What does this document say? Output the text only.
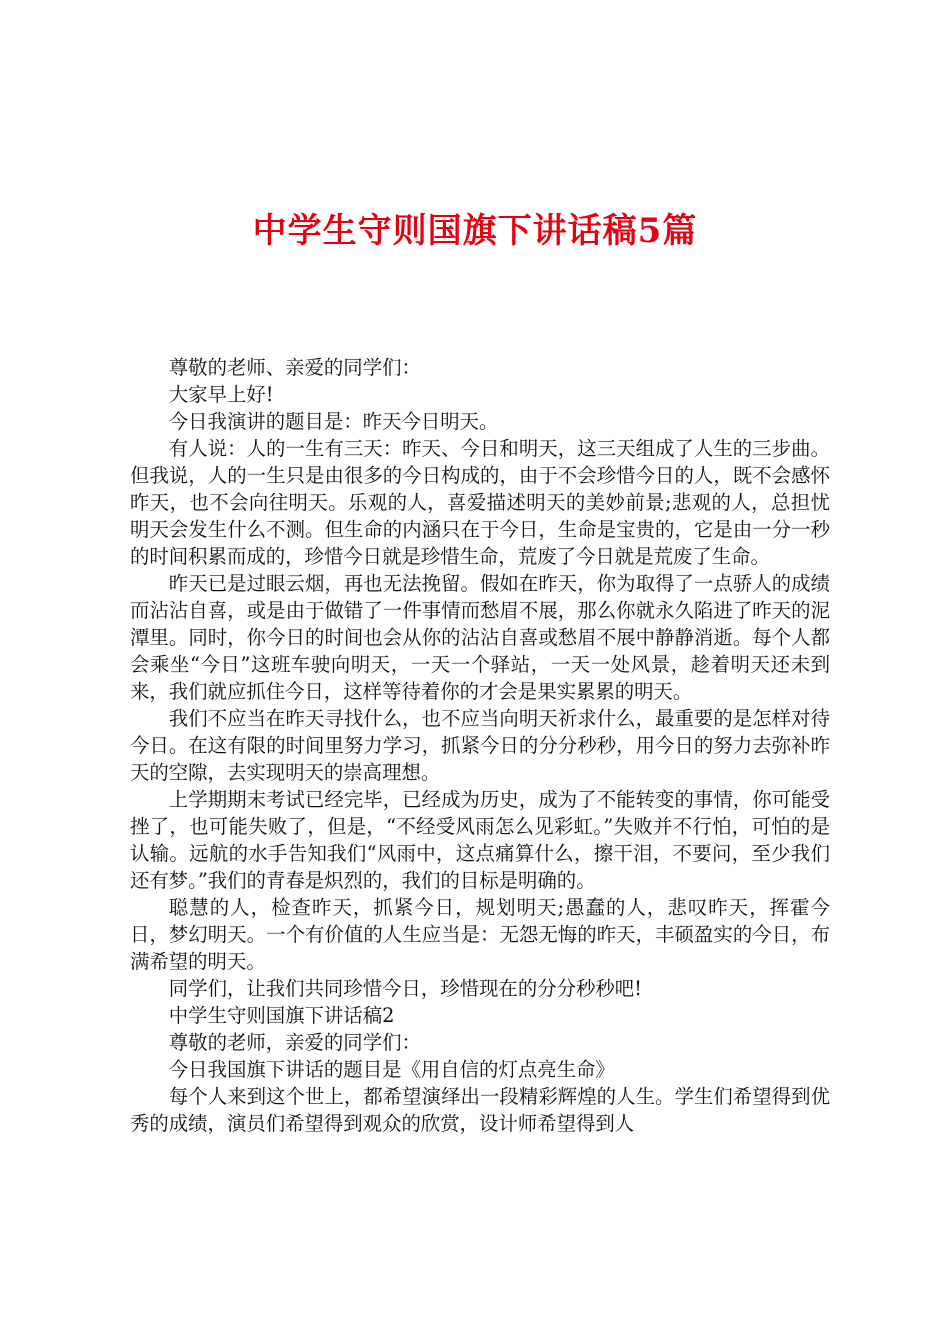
中学生守则国旗下讲话稿5篇

尊敬的老师、亲爱的同学们：

大家早上好!

今日我演讲的题目是：昨天今日明天。

有人说：人的一生有三天：昨天、今日和明天，这三天组成了人生的三步曲。但我说，人的一生只是由很多的今日构成的，由于不会珍惜今日的人，既不会感怀昨天，也不会向往明天。乐观的人，喜爱描述明天的美妙前景;悲观的人，总担忧明天会发生什么不测。但生命的内涵只在于今日，生命是宝贵的，它是由一分一秒的时间积累而成的，珍惜今日就是珍惜生命，荒废了今日就是荒废了生命。

昨天已是过眼云烟，再也无法挽留。假如在昨天，你为取得了一点骄人的成绩而沾沾自喜，或是由于做错了一件事情而愁眉不展，那么你就永久陷进了昨天的泥潭里。同时，你今日的时间也会从你的沾沾自喜或愁眉不展中静静消逝。每个人都会乘坐“今日”这班车驶向明天，一天一个驿站，一天一处风景，趁着明天还未到来，我们就应抓住今日，这样等待着你的才会是果实累累的明天。

我们不应当在昨天寻找什么，也不应当向明天祈求什么，最重要的是怎样对待今日。在这有限的时间里努力学习，抓紧今日的分分秒秒，用今日的努力去弥补昨天的空隙，去实现明天的崇高理想。

上学期期末考试已经完毕，已经成为历史，成为了不能转变的事情，你可能受挫了，也可能失败了，但是，“不经受风雨怎么见彩虹。”失败并不行怕，可怕的是认输。远航的水手告知我们“风雨中，这点痛算什么，擦干泪，不要问，至少我们还有梦。”我们的青春是炽烈的，我们的目标是明确的。

聪慧的人，检查昨天，抓紧今日，规划明天;愚蠢的人，悲叹昨天，挥霍今日，梦幻明天。一个有价值的人生应当是：无怨无悔的昨天，丰硕盈实的今日，布满希望的明天。

同学们，让我们共同珍惜今日，珍惜现在的分分秒秒吧!

中学生守则国旗下讲话稿2

尊敬的老师，亲爱的同学们：

今日我国旗下讲话的题目是《用自信的灯点亮生命》

每个人来到这个世上，都希望演绎出一段精彩辉煌的人生。学生们希望得到优秀的成绩，演员们希望得到观众的欣赏，设计师希望得到人
